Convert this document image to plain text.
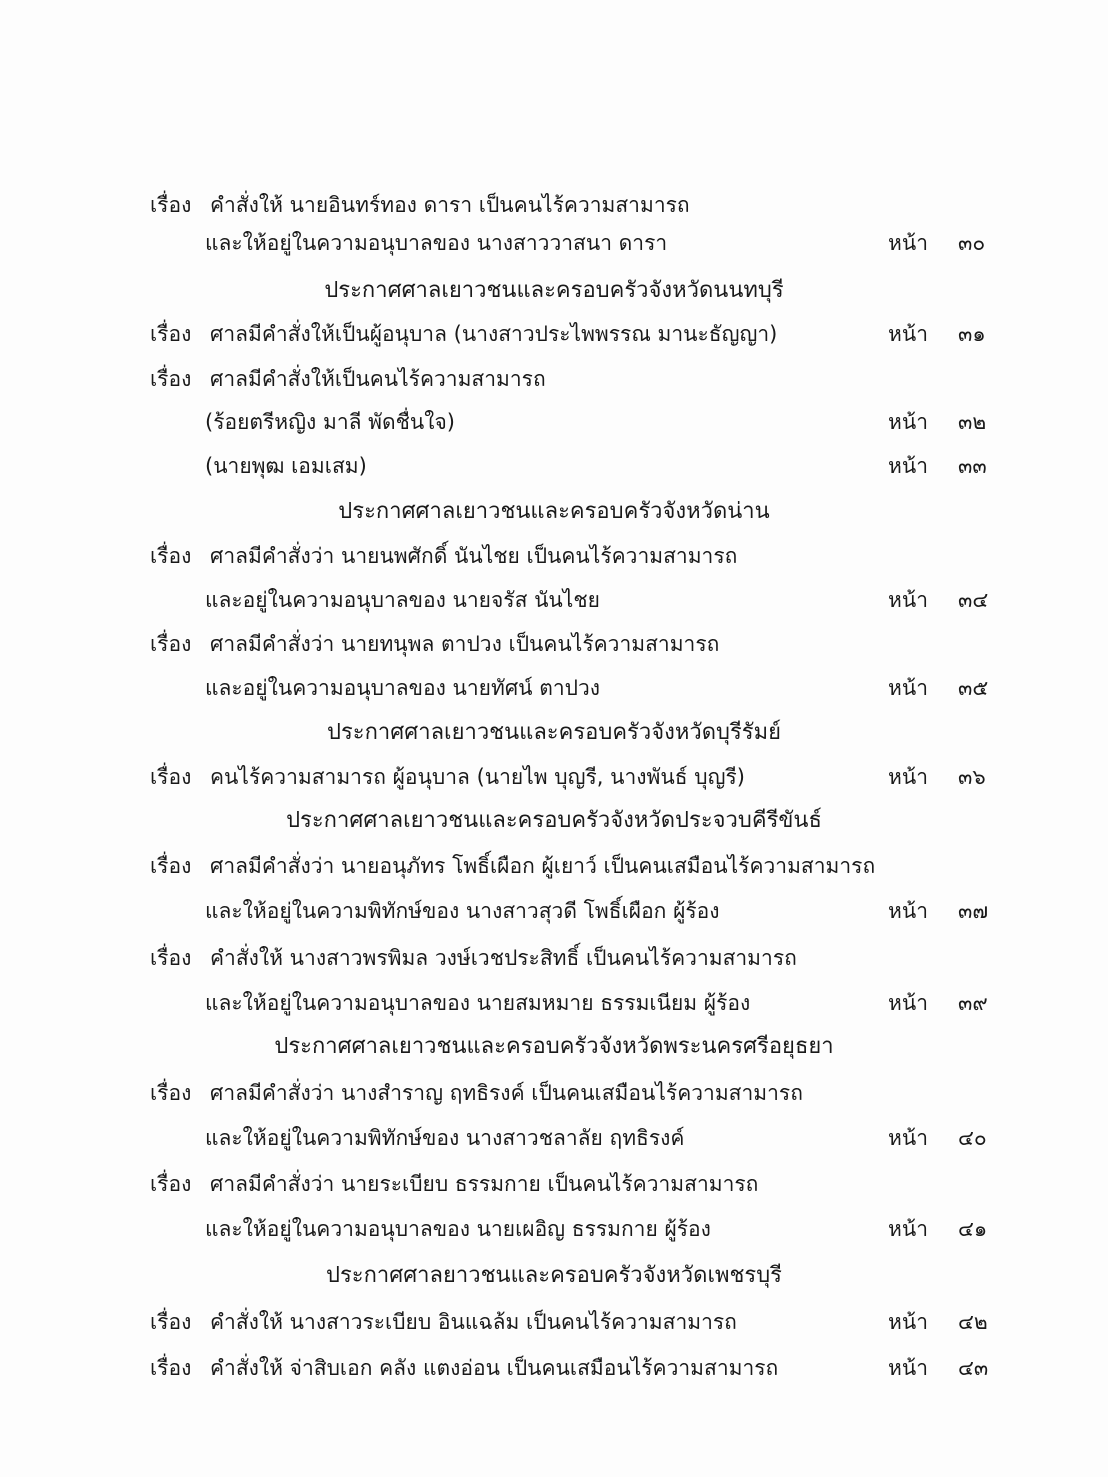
เรื่อง คำสั่งให้ นายอินทร์ทอง ดารา เป็นคนไร้ความสามารถ
และให้อยู่ในความอนุบาลของ นางสาววาสนา ดารา	หน้า ๓๐
ประกาศศาลเยาวชนและครอบครัวจังหวัดนนทบุรี
เรื่อง ศาลมีคำสั่งให้เป็นผู้อนุบาล (นางสาวประไพพรรณ มานะธัญญา)	หน้า ๓๑
เรื่อง ศาลมีคำสั่งให้เป็นคนไร้ความสามารถ
(ร้อยตรีหญิง มาลี พัดชื่นใจ)	หน้า ๓๒
(นายพุฒ เอมเสม)	หน้า ๓๓
ประกาศศาลเยาวชนและครอบครัวจังหวัดน่าน
เรื่อง ศาลมีคำสั่งว่า นายนพศักดิ์ นันไชย เป็นคนไร้ความสามารถ
และอยู่ในความอนุบาลของ นายจรัส นันไชย	หน้า ๓๔
เรื่อง ศาลมีคำสั่งว่า นายทนุพล ตาปวง เป็นคนไร้ความสามารถ
และอยู่ในความอนุบาลของ นายทัศน์ ตาปวง	หน้า ๓๕
ประกาศศาลเยาวชนและครอบครัวจังหวัดบุรีรัมย์
เรื่อง คนไร้ความสามารถ ผู้อนุบาล (นายไพ บุญรี, นางพันธ์ บุญรี)	หน้า ๓๖
ประกาศศาลเยาวชนและครอบครัวจังหวัดประจวบคีรีขันธ์
เรื่อง ศาลมีคำสั่งว่า นายอนุภัทร โพธิ์เผือก ผู้เยาว์ เป็นคนเสมือนไร้ความสามารถ
และให้อยู่ในความพิทักษ์ของ นางสาวสุวดี โพธิ์เผือก ผู้ร้อง	หน้า ๓๗
เรื่อง คำสั่งให้ นางสาวพรพิมล วงษ์เวชประสิทธิ์ เป็นคนไร้ความสามารถ
และให้อยู่ในความอนุบาลของ นายสมหมาย ธรรมเนียม ผู้ร้อง	หน้า ๓๙
ประกาศศาลเยาวชนและครอบครัวจังหวัดพระนครศรีอยุธยา
เรื่อง ศาลมีคำสั่งว่า นางสำราญ ฤทธิรงค์ เป็นคนเสมือนไร้ความสามารถ
และให้อยู่ในความพิทักษ์ของ นางสาวชลาลัย ฤทธิรงค์	หน้า ๔๐
เรื่อง ศาลมีคำสั่งว่า นายระเบียบ ธรรมกาย เป็นคนไร้ความสามารถ
และให้อยู่ในความอนุบาลของ นายเผอิญ ธรรมกาย ผู้ร้อง	หน้า ๔๑
ประกาศศาลยาวชนและครอบครัวจังหวัดเพชรบุรี
เรื่อง คำสั่งให้ นางสาวระเบียบ อินแฉล้ม เป็นคนไร้ความสามารถ	หน้า ๔๒
เรื่อง คำสั่งให้ จ่าสิบเอก คลัง แตงอ่อน เป็นคนเสมือนไร้ความสามารถ	หน้า ๔๓
